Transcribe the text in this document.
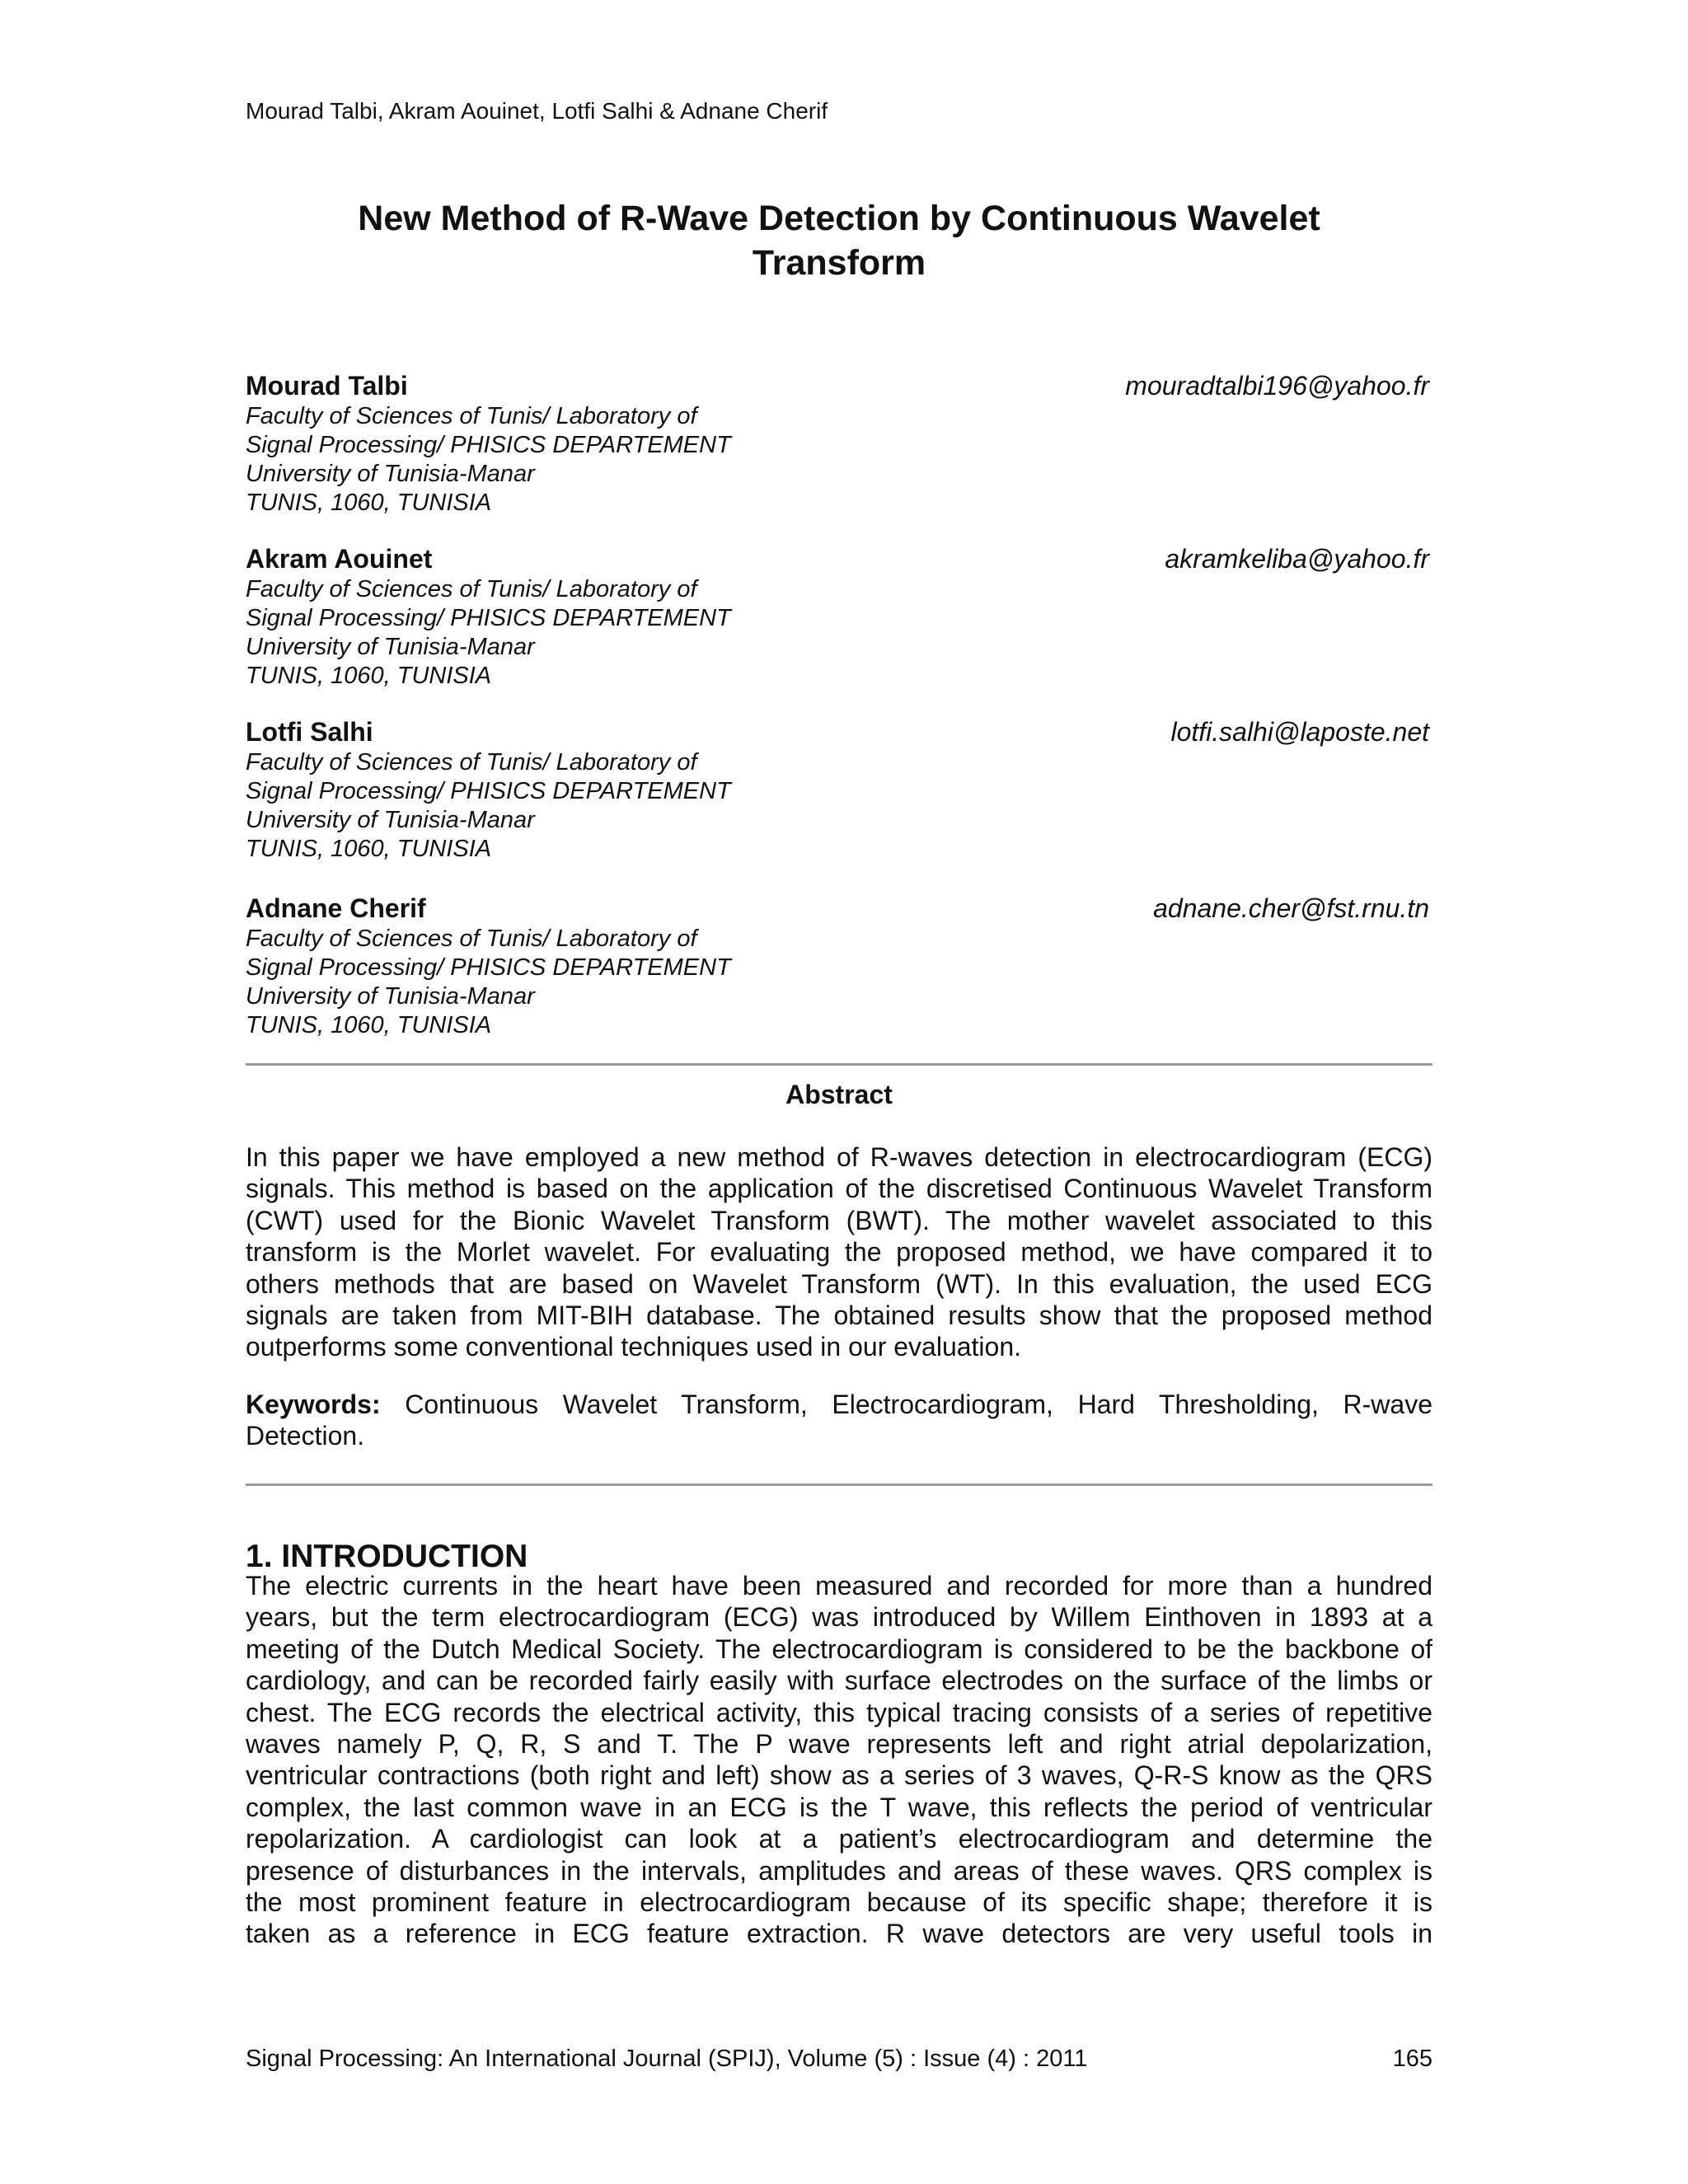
Mourad Talbi, Akram Aouinet, Lotfi Salhi & Adnane Cherif
New Method of R-Wave Detection by Continuous Wavelet
Transform
Mourad Talbi	mouradtalbi196@yahoo.fr
Faculty of Sciences of Tunis/ Laboratory of
Signal Processing/ PHISICS DEPARTEMENT
University of Tunisia-Manar
TUNIS, 1060, TUNISIA
Akram Aouinet	akramkeliba@yahoo.fr
Faculty of Sciences of Tunis/ Laboratory of
Signal Processing/ PHISICS DEPARTEMENT
University of Tunisia-Manar
TUNIS, 1060, TUNISIA
Lotfi Salhi	lotfi.salhi@laposte.net
Faculty of Sciences of Tunis/ Laboratory of
Signal Processing/ PHISICS DEPARTEMENT
University of Tunisia-Manar
TUNIS, 1060, TUNISIA
Adnane Cherif	adnane.cher@fst.rnu.tn
Faculty of Sciences of Tunis/ Laboratory of
Signal Processing/ PHISICS DEPARTEMENT
University of Tunisia-Manar
TUNIS, 1060, TUNISIA
Abstract
In this paper we have employed a new method of R-waves detection in electrocardiogram (ECG)
signals. This method is based on the application of the discretised Continuous Wavelet Transform
(CWT) used for the Bionic Wavelet Transform (BWT). The mother wavelet associated to this
transform is the Morlet wavelet. For evaluating the proposed method, we have compared it to
others methods that are based on Wavelet Transform (WT). In this evaluation, the used ECG
signals are taken from MIT-BIH database. The obtained results show that the proposed method
outperforms some conventional techniques used in our evaluation.
Keywords: Continuous Wavelet Transform, Electrocardiogram, Hard Thresholding, R-wave
Detection.
1. INTRODUCTION
The electric currents in the heart have been measured and recorded for more than a hundred
years, but the term electrocardiogram (ECG) was introduced by Willem Einthoven in 1893 at a
meeting of the Dutch Medical Society. The electrocardiogram is considered to be the backbone of
cardiology, and can be recorded fairly easily with surface electrodes on the surface of the limbs or
chest. The ECG records the electrical activity, this typical tracing consists of a series of repetitive
waves namely P, Q, R, S and T. The P wave represents left and right atrial depolarization,
ventricular contractions (both right and left) show as a series of 3 waves, Q-R-S know as the QRS
complex, the last common wave in an ECG is the T wave, this reflects the period of ventricular
repolarization. A cardiologist can look at a patient’s electrocardiogram and determine the
presence of disturbances in the intervals, amplitudes and areas of these waves. QRS complex is
the most prominent feature in electrocardiogram because of its specific shape; therefore it is
taken as a reference in ECG feature extraction. R wave detectors are very useful tools in
Signal Processing: An International Journal (SPIJ), Volume (5) : Issue (4) : 2011	165
